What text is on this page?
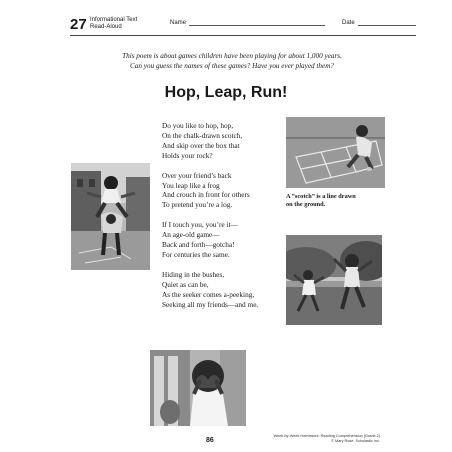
27 Informational Text
Read-Aloud
Name	Date
This poem is about games children have been playing for about 1,000 years.
Can you guess the names of these games? Have you ever played them?
Hop, Leap, Run!
Do you like to hop, hop,
On the chalk-drawn scotch,
And skip over the box that
Holds your rock?
Over your friend’s back
You leap like a frog
And crouch in front for others
To pretend you’re a log.
If I touch you, you’re it—
An age-old game—
Back and forth—gotcha!
For centuries the same.
Hiding in the bushes,
Quiet as can be,
As the seeker comes a-peeking,
Seeking all my friends—and me.
A “scotch” is a line drawn
on the ground.
86
Week-by-Week Homework: Reading Comprehension (Grade 2)
© Mary Rose, Scholastic Inc.
